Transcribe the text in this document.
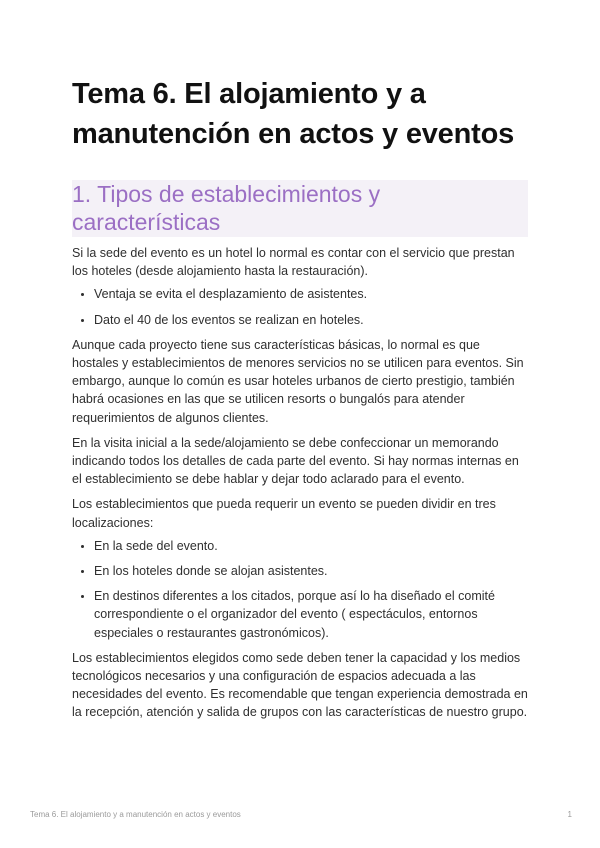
Tema 6. El alojamiento y a manutención en actos y eventos
1. Tipos de establecimientos y características

Si la sede del evento es un hotel lo normal es contar con el servicio que prestan los hoteles (desde alojamiento hasta la restauración).

• Ventaja se evita el desplazamiento de asistentes.
• Dato el 40 de los eventos se realizan en hoteles.

Aunque cada proyecto tiene sus características básicas, lo normal es que hostales y establecimientos de menores servicios no se utilicen para eventos. Sin embargo, aunque lo común es usar hoteles urbanos de cierto prestigio, también habrá ocasiones en las que se utilicen resorts o bungalós para atender requerimientos de algunos clientes.

En la visita inicial a la sede/alojamiento se debe confeccionar un memorando indicando todos los detalles de cada parte del evento. Si hay normas internas en el establecimiento se debe hablar y dejar todo aclarado para el evento.

Los establecimientos que pueda requerir un evento se pueden dividir en tres localizaciones:

• En la sede del evento.
• En los hoteles donde se alojan asistentes.
• En destinos diferentes a los citados, porque así lo ha diseñado el comité correspondiente o el organizador del evento ( espectáculos, entornos especiales o restaurantes gastronómicos).

Los establecimientos elegidos como sede deben tener la capacidad y los medios tecnológicos necesarios y una configuración de espacios adecuada a las necesidades del evento. Es recomendable que tengan experiencia demostrada en la recepción, atención y salida de grupos con las características de nuestro grupo.

Tema 6. El alojamiento y a manutención en actos y eventos	1
